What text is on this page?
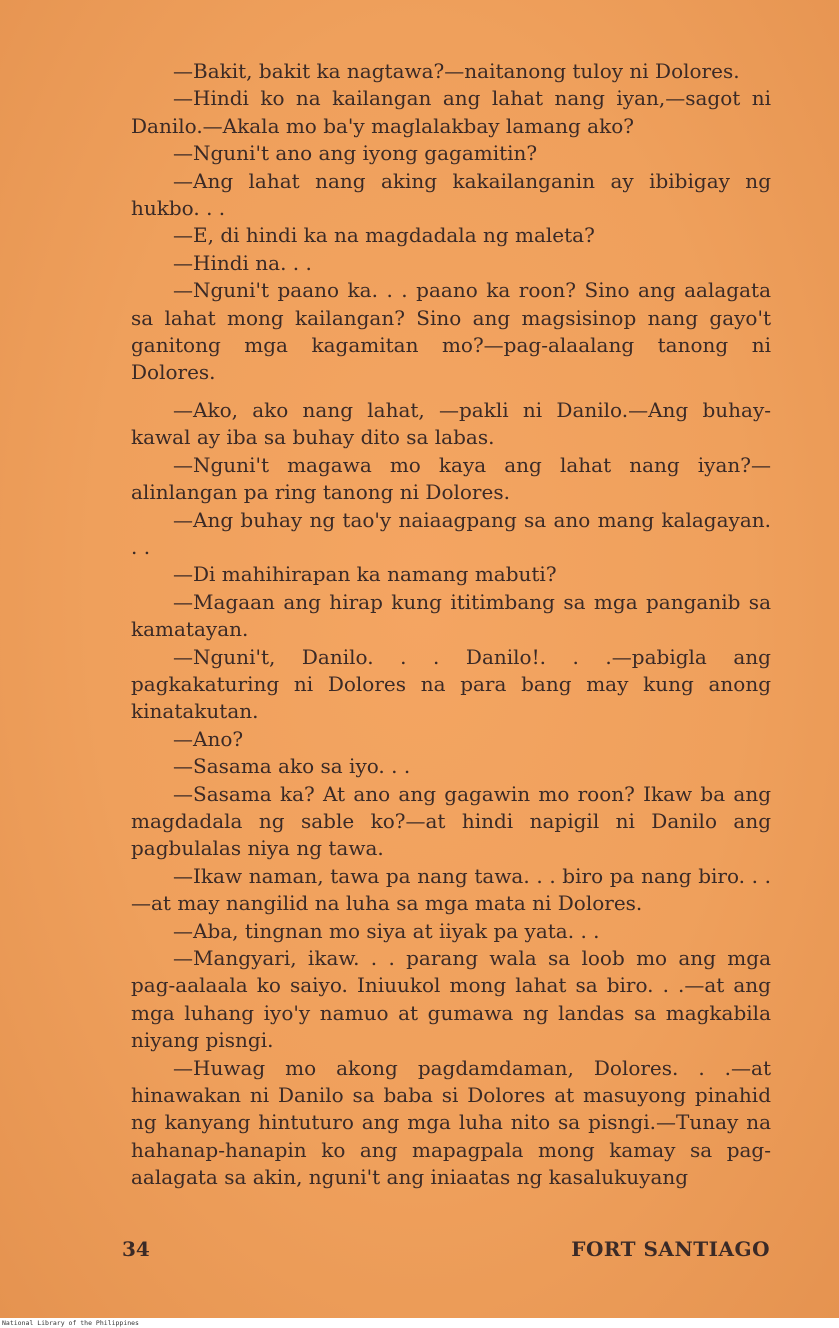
—Bakit, bakit ka nagtawa?—naitanong tuloy ni Dolores.

—Hindi ko na kailangan ang lahat nang iyan,—sagot ni Danilo.—Akala mo ba'y maglalakbay lamang ako?

—Nguni't ano ang iyong gagamitin?

—Ang lahat nang aking kakailanganin ay ibibigay ng hukbo. . .

—E, di hindi ka na magdadala ng maleta?

—Hindi na. . .

—Nguni't paano ka. . . paano ka roon? Sino ang aalagata sa lahat mong kailangan? Sino ang magsisinop nang gayo't ganitong mga kagamitan mo?—pag-alaalang tanong ni Dolores.

—Ako, ako nang lahat, —pakli ni Danilo.—Ang buhay-kawal ay iba sa buhay dito sa labas.

—Nguni't magawa mo kaya ang lahat nang iyan?—alinlangan pa ring tanong ni Dolores.

—Ang buhay ng tao'y naiaagpang sa ano mang kalagayan. . .

—Di mahihirapan ka namang mabuti?

—Magaan ang hirap kung ititimbang sa mga panganib sa kamatayan.

—Nguni't, Danilo. . . Danilo!. . .—pabigla ang pagkakaturing ni Dolores na para bang may kung anong kinatakutan.

—Ano?

—Sasama ako sa iyo. . .

—Sasama ka? At ano ang gagawin mo roon? Ikaw ba ang magdadala ng sable ko?—at hindi napigil ni Danilo ang pagbulalas niya ng tawa.

—Ikaw naman, tawa pa nang tawa. . . biro pa nang biro. . .—at may nangilid na luha sa mga mata ni Dolores.

—Aba, tingnan mo siya at iiyak pa yata. . .

—Mangyari, ikaw. . . parang wala sa loob mo ang mga pag-aalaala ko saiyo. Iniuukol mong lahat sa biro. . .—at ang mga luhang iyo'y namuo at gumawa ng landas sa magkabila niyang pisngi.

—Huwag mo akong pagdamdaman, Dolores. . .—at hinawakan ni Danilo sa baba si Dolores at masuyong pinahid ng kanyang hintuturo ang mga luha nito sa pisngi.—Tunay na hahanap-hanapin ko ang mapagpala mong kamay sa pag-aalagata sa akin, nguni't ang iniaatas ng kasalukuyang

34	FORT SANTIAGO
National Library of the Philippines
